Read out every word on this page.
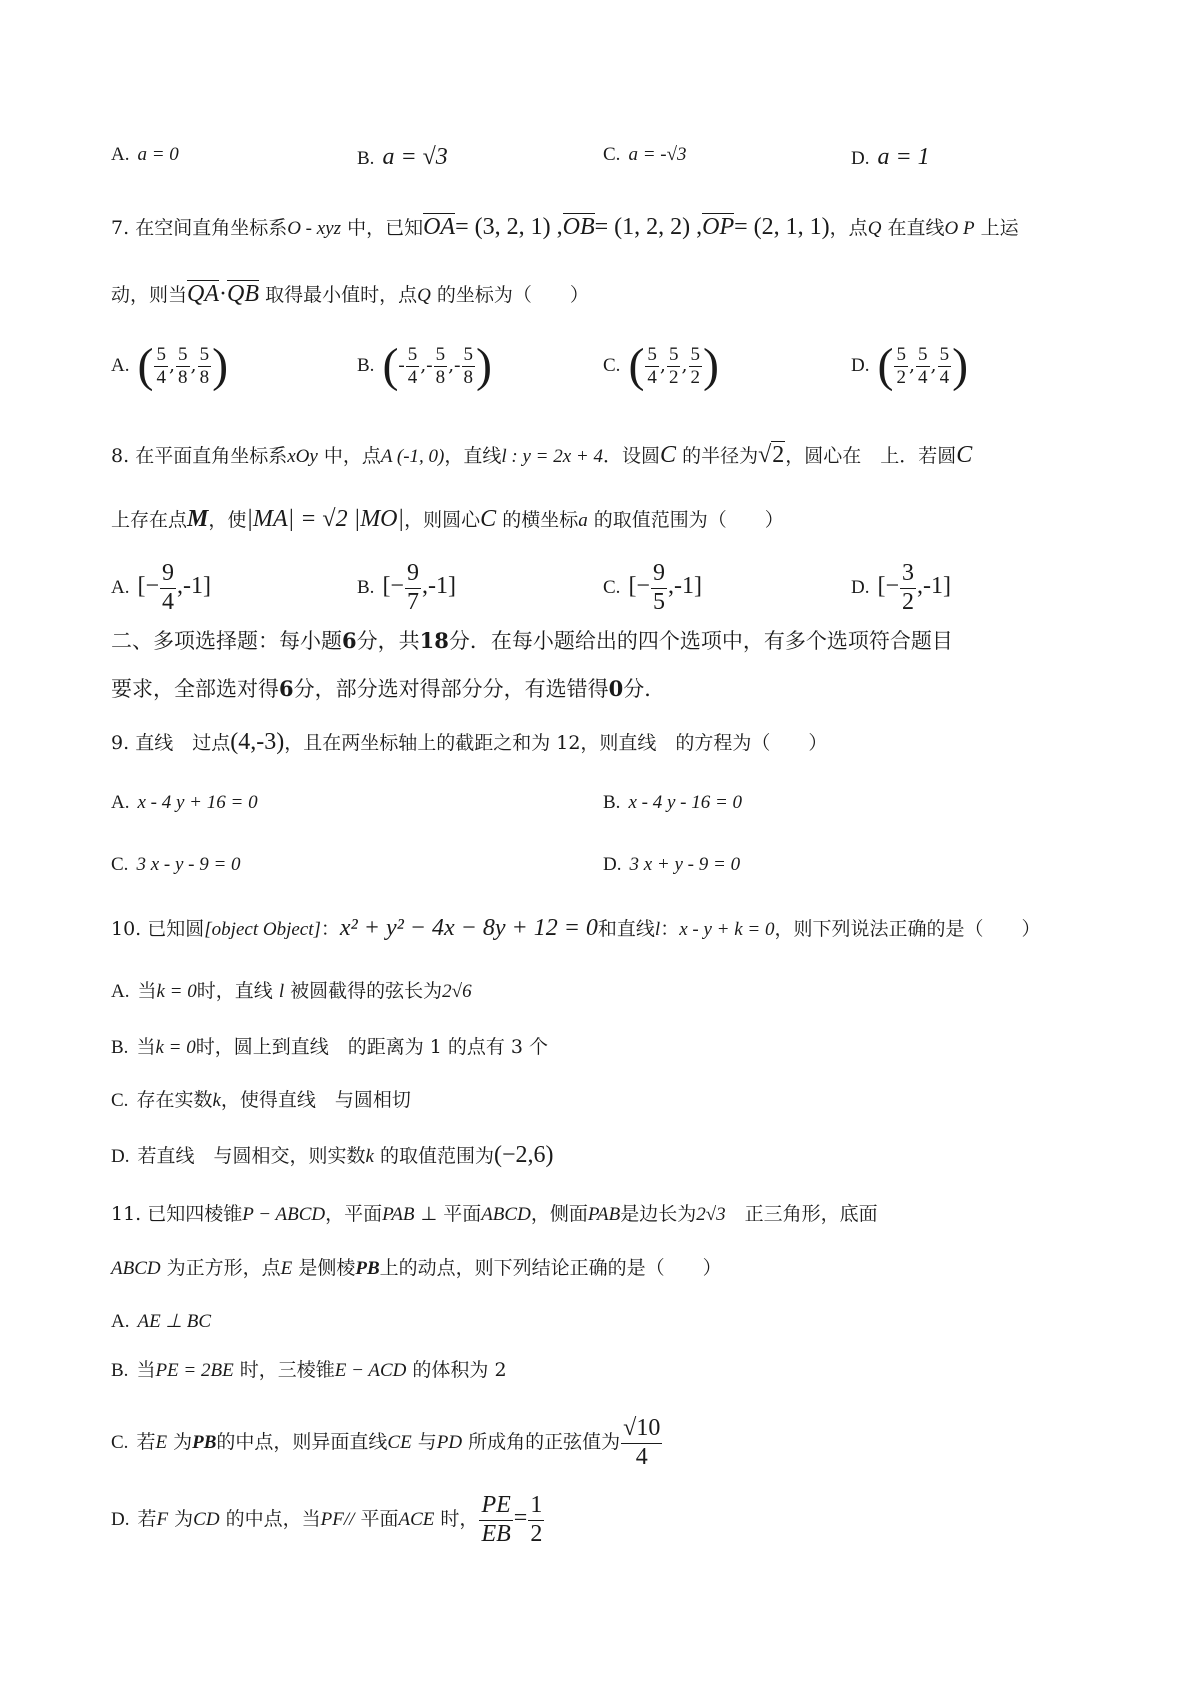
A. a = 0	B. a = √3	C. a = -√3	D. a = 1
7. 在空间直角坐标系O - xyz 中，已知OA= (3, 2, 1) ,OB= (1, 2, 2) ,OP= (2, 1, 1)，点Q 在直线O P 上运
动，则当QA·QB 取得最小值时，点Q 的坐标为（　　）
A. ( $\frac{5}{4}$ , $\frac{5}{8}$ , $\frac{5}{8}$ )	B. (- $\frac{5}{4}$ ,- $\frac{5}{8}$ ,- $\frac{5}{8}$ )	C. ( $\frac{5}{4}$ , $\frac{5}{2}$ , $\frac{5}{2}$ )	D. ( $\frac{5}{2}$ , $\frac{5}{4}$ , $\frac{5}{4}$ )
8. 在平面直角坐标系xOy 中，点A (-1, 0)，直线l : y = 2x + 4．设圆C 的半径为√2，圆心在　上．若圆C
上存在点M，使|MA| = √2 |MO|，则圆心C 的横坐标a 的取值范围为（　　）
A. [− $\frac{9}{4} ,-1$]	B. [− $\frac{9}{7} ,-1$]	C. [− $\frac{9}{5} ,-1$]	D. [− $\frac{3}{2} ,-1$]
二、多项选择题：每小题6分，共18分．在每小题给出的四个选项中，有多个选项符合题目
要求，全部选对得6分，部分选对得部分分，有选错得0分．
9. 直线　过点(4,-3)，且在两坐标轴上的截距之和为 12，则直线　的方程为（　　）
A. x - 4 y + 16 = 0	B. x - 4 y - 16 = 0
C. 3 x - y - 9 = 0	D. 3 x + y - 9 = 0
10. 已知圆[object Object]：x² + y² − 4x − 8y + 12 = 0和直线l：x - y + k = 0，则下列说法正确的是（　　）
A. 当k = 0时，直线 l 被圆截得的弦长为2√6
B. 当k = 0时，圆上到直线　的距离为 1 的点有 3 个
C. 存在实数k，使得直线　与圆相切
D. 若直线　与圆相交，则实数k 的取值范围为(−2,6)
11. 已知四棱锥P − ABCD，平面PAB ⊥ 平面ABCD，侧面PAB是边长为2√3　正三角形，底面
ABCD 为正方形，点E 是侧棱PB上的动点，则下列结论正确的是（　　）
A. AE ⊥ BC
B. 当PE = 2BE 时，三棱锥E − ACD 的体积为 2
C. 若E 为PB的中点，则异面直线CE 与PD 所成角的正弦值为 $\frac{√10}{4}$
D. 若F 为CD 的中点，当PF// 平面ACE 时， $\frac{PE}{EB} = \frac{1}{2}$
